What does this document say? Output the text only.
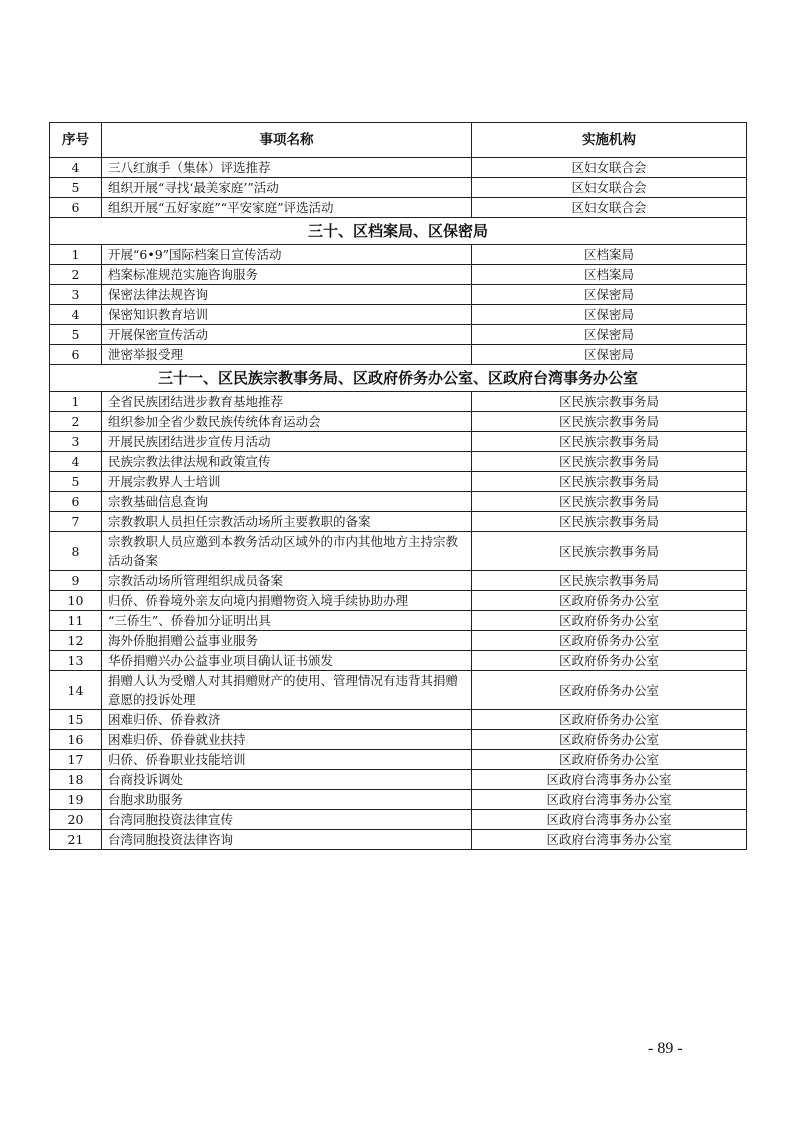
序号	事项名称	实施机构
4	三八红旗手（集体）评选推荐	区妇女联合会
5	组织开展“寻找‘最美家庭’”活动	区妇女联合会
6	组织开展“五好家庭”“平安家庭”评选活动	区妇女联合会
三十、区档案局、区保密局		
1	开展“6•9”国际档案日宣传活动	区档案局
2	档案标准规范实施咨询服务	区档案局
3	保密法律法规咨询	区保密局
4	保密知识教育培训	区保密局
5	开展保密宣传活动	区保密局
6	泄密举报受理	区保密局
三十一、区民族宗教事务局、区政府侨务办公室、区政府台湾事务办公室		
1	全省民族团结进步教育基地推荐	区民族宗教事务局
2	组织参加全省少数民族传统体育运动会	区民族宗教事务局
3	开展民族团结进步宣传月活动	区民族宗教事务局
4	民族宗教法律法规和政策宣传	区民族宗教事务局
5	开展宗教界人士培训	区民族宗教事务局
6	宗教基础信息查询	区民族宗教事务局
7	宗教教职人员担任宗教活动场所主要教职的备案	区民族宗教事务局
8	宗教教职人员应邀到本教务活动区域外的市内其他地方主持宗教活动备案	区民族宗教事务局
9	宗教活动场所管理组织成员备案	区民族宗教事务局
10	归侨、侨眷境外亲友向境内捐赠物资入境手续协助办理	区政府侨务办公室
11	“三侨生”、侨眷加分证明出具	区政府侨务办公室
12	海外侨胞捐赠公益事业服务	区政府侨务办公室
13	华侨捐赠兴办公益事业项目确认证书颁发	区政府侨务办公室
14	捐赠人认为受赠人对其捐赠财产的使用、管理情况有违背其捐赠意愿的投诉处理	区政府侨务办公室
15	困难归侨、侨眷救济	区政府侨务办公室
16	困难归侨、侨眷就业扶持	区政府侨务办公室
17	归侨、侨眷职业技能培训	区政府侨务办公室
18	台商投诉调处	区政府台湾事务办公室
19	台胞求助服务	区政府台湾事务办公室
20	台湾同胞投资法律宣传	区政府台湾事务办公室
21	台湾同胞投资法律咨询	区政府台湾事务办公室
- 89 -
